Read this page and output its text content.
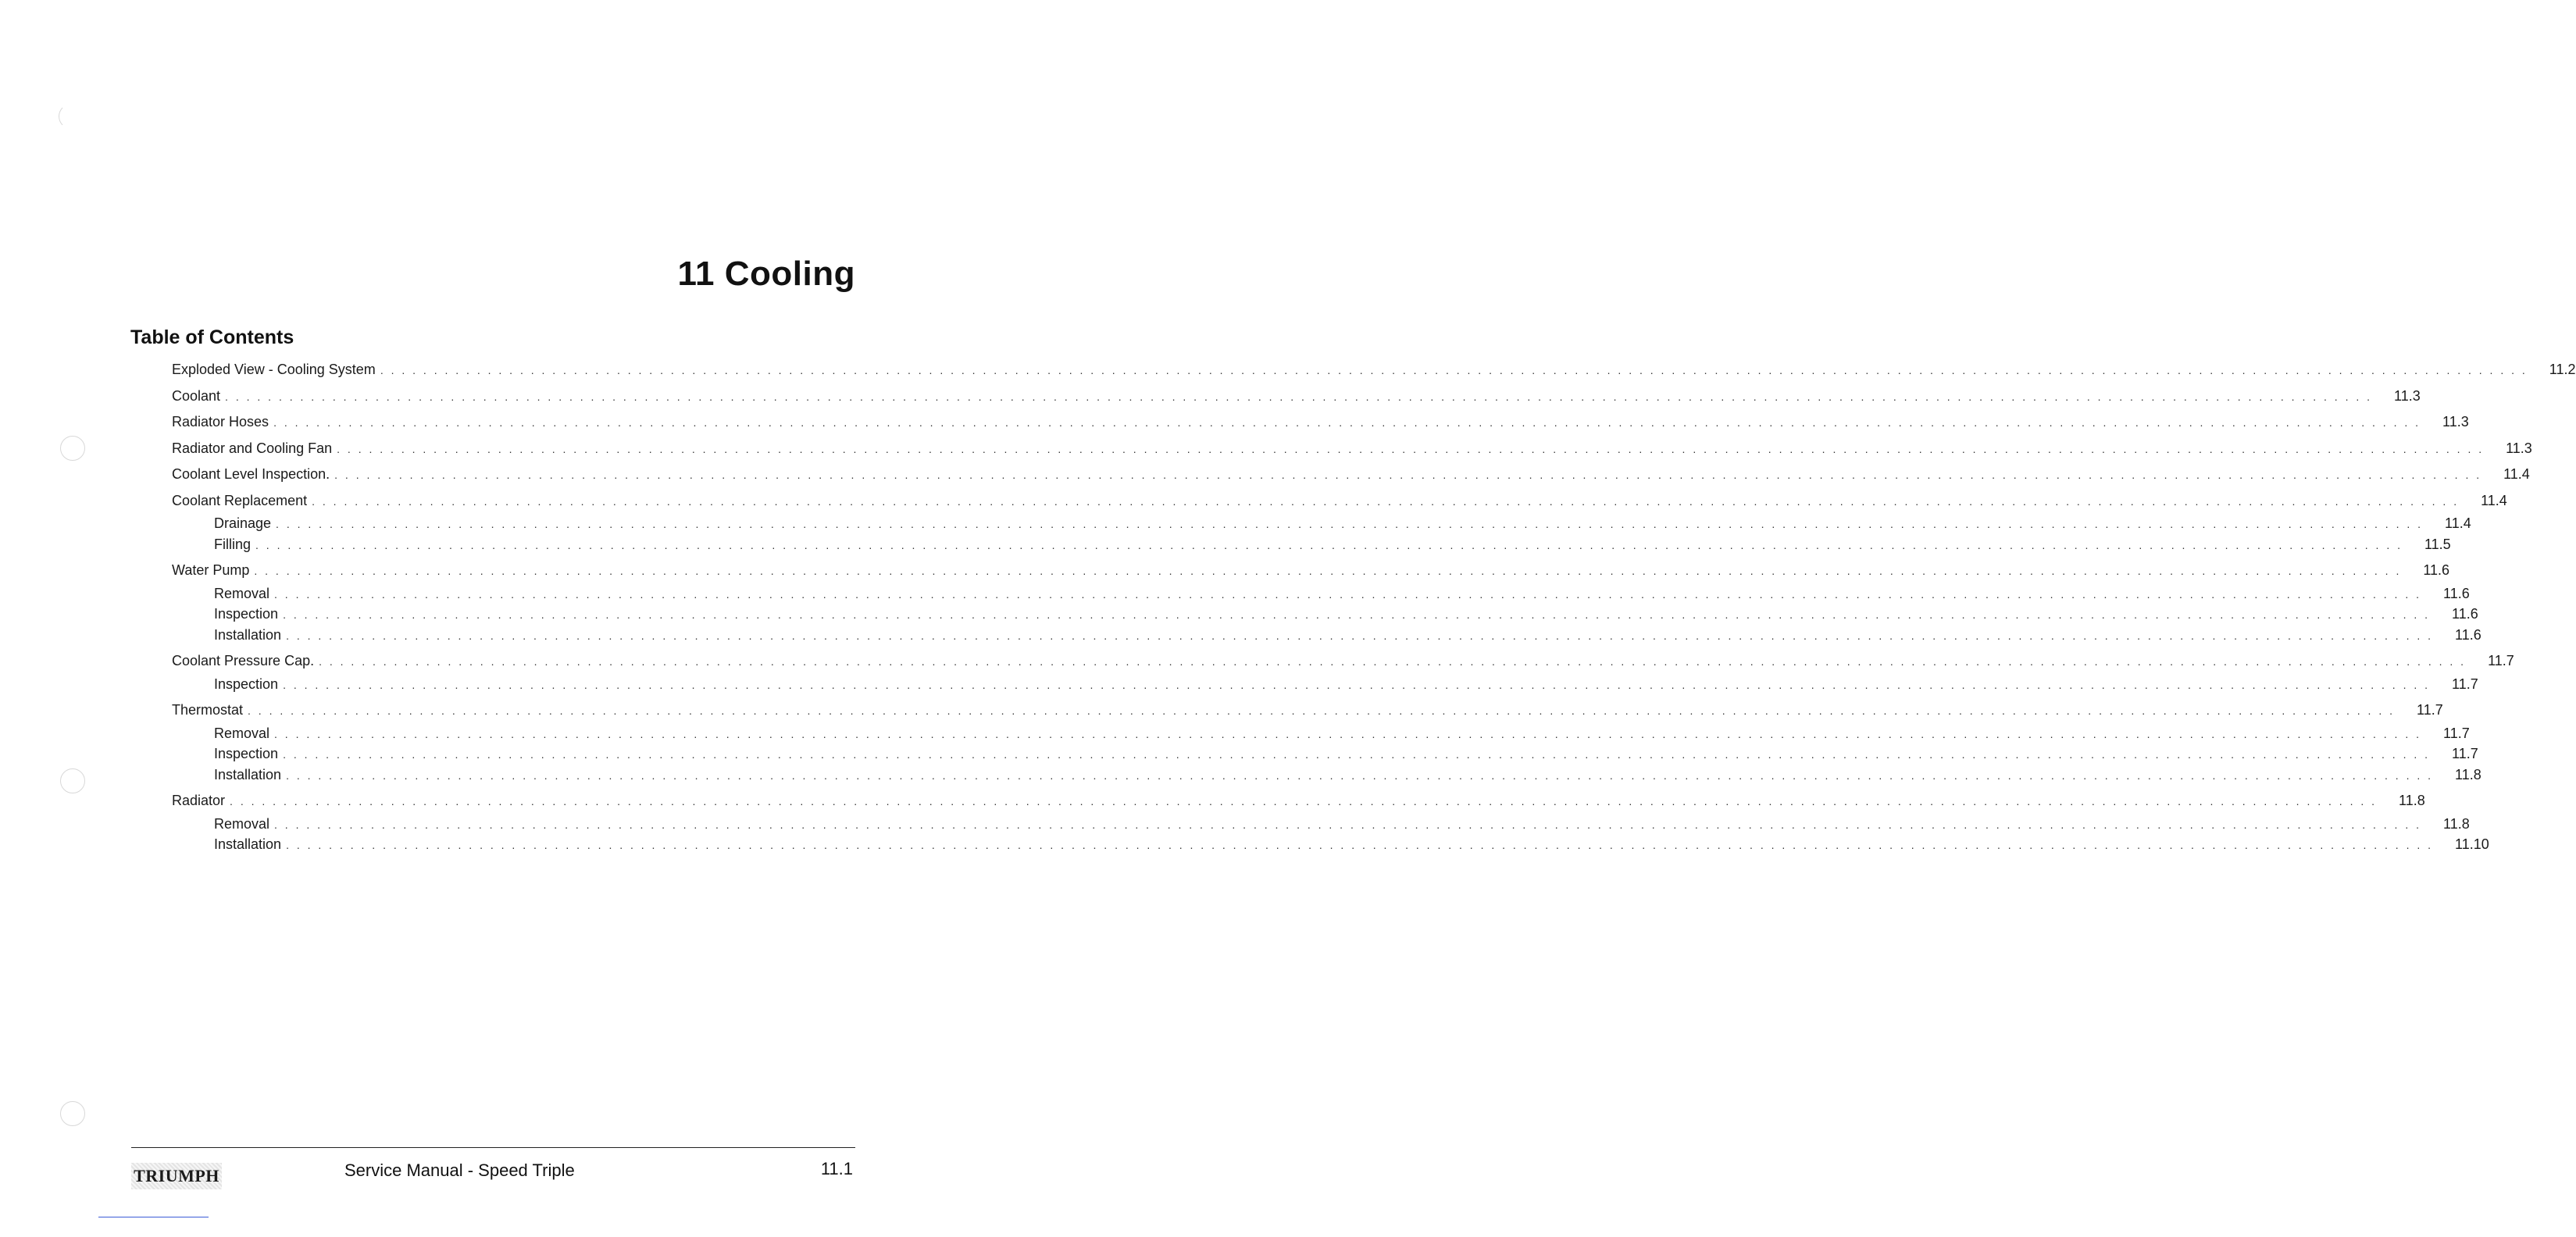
11 Cooling
Table of Contents
Exploded View - Cooling System . . . . . . . . . . . . . . . . . . . . . . . . . . . . . . . . . . . . . . . . . . . . . . . . . . . . . . . . . . . . . . . . . . . . . . . . . . . . . . . . . . . . . . . . . . . . . . . . . . . . . . . . . . . . . . . . . . . . . . . . . . . . . . . . . . . . . . . . . . . . . . . . . . . . . . . . . . . . . . . . . . . . . . . . . . . . . . . . . . . . . . . . . . . . . . . . . . . . . . . . 11.2
Coolant . . . . . . . . . . . . . . . . . . . . . . . . . . . . . . . . . . . . . . . . . . . . . . . . . . . . . . . . . . . . . . . . . . . . . . . . . . . . . . . . . . . . . . . . . . . . . . . . . . . . . . . . . . . . . . . . . . . . . . . . . . . . . . . . . . . . . . . . . . . . . . . . . . . . . . . . . . . . . . . . . . . . . . . . . . . . . . . . . . . . . . . . . . . . . . . . . . . . . . . . 11.3
Radiator Hoses . . . . . . . . . . . . . . . . . . . . . . . . . . . . . . . . . . . . . . . . . . . . . . . . . . . . . . . . . . . . . . . . . . . . . . . . . . . . . . . . . . . . . . . . . . . . . . . . . . . . . . . . . . . . . . . . . . . . . . . . . . . . . . . . . . . . . . . . . . . . . . . . . . . . . . . . . . . . . . . . . . . . . . . . . . . . . . . . . . . . . . . . . . . . . . . . . . . . . . . . 11.3
Radiator and Cooling Fan . . . . . . . . . . . . . . . . . . . . . . . . . . . . . . . . . . . . . . . . . . . . . . . . . . . . . . . . . . . . . . . . . . . . . . . . . . . . . . . . . . . . . . . . . . . . . . . . . . . . . . . . . . . . . . . . . . . . . . . . . . . . . . . . . . . . . . . . . . . . . . . . . . . . . . . . . . . . . . . . . . . . . . . . . . . . . . . . . . . . . . . . . . . . . . . . . . . . . . . . 11.3
Coolant Level Inspection. . . . . . . . . . . . . . . . . . . . . . . . . . . . . . . . . . . . . . . . . . . . . . . . . . . . . . . . . . . . . . . . . . . . . . . . . . . . . . . . . . . . . . . . . . . . . . . . . . . . . . . . . . . . . . . . . . . . . . . . . . . . . . . . . . . . . . . . . . . . . . . . . . . . . . . . . . . . . . . . . . . . . . . . . . . . . . . . . . . . . . . . . . . . . . . . . . . . . . . . . 11.4
Coolant Replacement . . . . . . . . . . . . . . . . . . . . . . . . . . . . . . . . . . . . . . . . . . . . . . . . . . . . . . . . . . . . . . . . . . . . . . . . . . . . . . . . . . . . . . . . . . . . . . . . . . . . . . . . . . . . . . . . . . . . . . . . . . . . . . . . . . . . . . . . . . . . . . . . . . . . . . . . . . . . . . . . . . . . . . . . . . . . . . . . . . . . . . . . . . . . . . . . . . . . . . . . 11.4
Drainage . . . . . . . . . . . . . . . . . . . . . . . . . . . . . . . . . . . . . . . . . . . . . . . . . . . . . . . . . . . . . . . . . . . . . . . . . . . . . . . . . . . . . . . . . . . . . . . . . . . . . . . . . . . . . . . . . . . . . . . . . . . . . . . . . . . . . . . . . . . . . . . . . . . . . . . . . . . . . . . . . . . . . . . . . . . . . . . . . . . . . . . . . . . . . . . . . . . . . . . . 11.4
Filling . . . . . . . . . . . . . . . . . . . . . . . . . . . . . . . . . . . . . . . . . . . . . . . . . . . . . . . . . . . . . . . . . . . . . . . . . . . . . . . . . . . . . . . . . . . . . . . . . . . . . . . . . . . . . . . . . . . . . . . . . . . . . . . . . . . . . . . . . . . . . . . . . . . . . . . . . . . . . . . . . . . . . . . . . . . . . . . . . . . . . . . . . . . . . . . . . . . . . . . . 11.5
Water Pump . . . . . . . . . . . . . . . . . . . . . . . . . . . . . . . . . . . . . . . . . . . . . . . . . . . . . . . . . . . . . . . . . . . . . . . . . . . . . . . . . . . . . . . . . . . . . . . . . . . . . . . . . . . . . . . . . . . . . . . . . . . . . . . . . . . . . . . . . . . . . . . . . . . . . . . . . . . . . . . . . . . . . . . . . . . . . . . . . . . . . . . . . . . . . . . . . . . . . . . . 11.6
Removal . . . . . . . . . . . . . . . . . . . . . . . . . . . . . . . . . . . . . . . . . . . . . . . . . . . . . . . . . . . . . . . . . . . . . . . . . . . . . . . . . . . . . . . . . . . . . . . . . . . . . . . . . . . . . . . . . . . . . . . . . . . . . . . . . . . . . . . . . . . . . . . . . . . . . . . . . . . . . . . . . . . . . . . . . . . . . . . . . . . . . . . . . . . . . . . . . . . . . . . . 11.6
Inspection . . . . . . . . . . . . . . . . . . . . . . . . . . . . . . . . . . . . . . . . . . . . . . . . . . . . . . . . . . . . . . . . . . . . . . . . . . . . . . . . . . . . . . . . . . . . . . . . . . . . . . . . . . . . . . . . . . . . . . . . . . . . . . . . . . . . . . . . . . . . . . . . . . . . . . . . . . . . . . . . . . . . . . . . . . . . . . . . . . . . . . . . . . . . . . . . . . . . . . . . 11.6
Installation . . . . . . . . . . . . . . . . . . . . . . . . . . . . . . . . . . . . . . . . . . . . . . . . . . . . . . . . . . . . . . . . . . . . . . . . . . . . . . . . . . . . . . . . . . . . . . . . . . . . . . . . . . . . . . . . . . . . . . . . . . . . . . . . . . . . . . . . . . . . . . . . . . . . . . . . . . . . . . . . . . . . . . . . . . . . . . . . . . . . . . . . . . . . . . . . . . . . . . . . 11.6
Coolant Pressure Cap. . . . . . . . . . . . . . . . . . . . . . . . . . . . . . . . . . . . . . . . . . . . . . . . . . . . . . . . . . . . . . . . . . . . . . . . . . . . . . . . . . . . . . . . . . . . . . . . . . . . . . . . . . . . . . . . . . . . . . . . . . . . . . . . . . . . . . . . . . . . . . . . . . . . . . . . . . . . . . . . . . . . . . . . . . . . . . . . . . . . . . . . . . . . . . . . . . . . . . . . . 11.7
Inspection . . . . . . . . . . . . . . . . . . . . . . . . . . . . . . . . . . . . . . . . . . . . . . . . . . . . . . . . . . . . . . . . . . . . . . . . . . . . . . . . . . . . . . . . . . . . . . . . . . . . . . . . . . . . . . . . . . . . . . . . . . . . . . . . . . . . . . . . . . . . . . . . . . . . . . . . . . . . . . . . . . . . . . . . . . . . . . . . . . . . . . . . . . . . . . . . . . . . . . . . 11.7
Thermostat . . . . . . . . . . . . . . . . . . . . . . . . . . . . . . . . . . . . . . . . . . . . . . . . . . . . . . . . . . . . . . . . . . . . . . . . . . . . . . . . . . . . . . . . . . . . . . . . . . . . . . . . . . . . . . . . . . . . . . . . . . . . . . . . . . . . . . . . . . . . . . . . . . . . . . . . . . . . . . . . . . . . . . . . . . . . . . . . . . . . . . . . . . . . . . . . . . . . . . . . 11.7
Removal . . . . . . . . . . . . . . . . . . . . . . . . . . . . . . . . . . . . . . . . . . . . . . . . . . . . . . . . . . . . . . . . . . . . . . . . . . . . . . . . . . . . . . . . . . . . . . . . . . . . . . . . . . . . . . . . . . . . . . . . . . . . . . . . . . . . . . . . . . . . . . . . . . . . . . . . . . . . . . . . . . . . . . . . . . . . . . . . . . . . . . . . . . . . . . . . . . . . . . . . 11.7
Inspection . . . . . . . . . . . . . . . . . . . . . . . . . . . . . . . . . . . . . . . . . . . . . . . . . . . . . . . . . . . . . . . . . . . . . . . . . . . . . . . . . . . . . . . . . . . . . . . . . . . . . . . . . . . . . . . . . . . . . . . . . . . . . . . . . . . . . . . . . . . . . . . . . . . . . . . . . . . . . . . . . . . . . . . . . . . . . . . . . . . . . . . . . . . . . . . . . . . . . . . . 11.7
Installation . . . . . . . . . . . . . . . . . . . . . . . . . . . . . . . . . . . . . . . . . . . . . . . . . . . . . . . . . . . . . . . . . . . . . . . . . . . . . . . . . . . . . . . . . . . . . . . . . . . . . . . . . . . . . . . . . . . . . . . . . . . . . . . . . . . . . . . . . . . . . . . . . . . . . . . . . . . . . . . . . . . . . . . . . . . . . . . . . . . . . . . . . . . . . . . . . . . . . . . . 11.8
Radiator . . . . . . . . . . . . . . . . . . . . . . . . . . . . . . . . . . . . . . . . . . . . . . . . . . . . . . . . . . . . . . . . . . . . . . . . . . . . . . . . . . . . . . . . . . . . . . . . . . . . . . . . . . . . . . . . . . . . . . . . . . . . . . . . . . . . . . . . . . . . . . . . . . . . . . . . . . . . . . . . . . . . . . . . . . . . . . . . . . . . . . . . . . . . . . . . . . . . . . . . 11.8
Removal . . . . . . . . . . . . . . . . . . . . . . . . . . . . . . . . . . . . . . . . . . . . . . . . . . . . . . . . . . . . . . . . . . . . . . . . . . . . . . . . . . . . . . . . . . . . . . . . . . . . . . . . . . . . . . . . . . . . . . . . . . . . . . . . . . . . . . . . . . . . . . . . . . . . . . . . . . . . . . . . . . . . . . . . . . . . . . . . . . . . . . . . . . . . . . . . . . . . . . . . 11.8
Installation . . . . . . . . . . . . . . . . . . . . . . . . . . . . . . . . . . . . . . . . . . . . . . . . . . . . . . . . . . . . . . . . . . . . . . . . . . . . . . . . . . . . . . . . . . . . . . . . . . . . . . . . . . . . . . . . . . . . . . . . . . . . . . . . . . . . . . . . . . . . . . . . . . . . . . . . . . . . . . . . . . . . . . . . . . . . . . . . . . . . . . . . . . . . . . . . . . . . . . . . 11.10
TRIUMPH	Service Manual - Speed Triple	11.1
